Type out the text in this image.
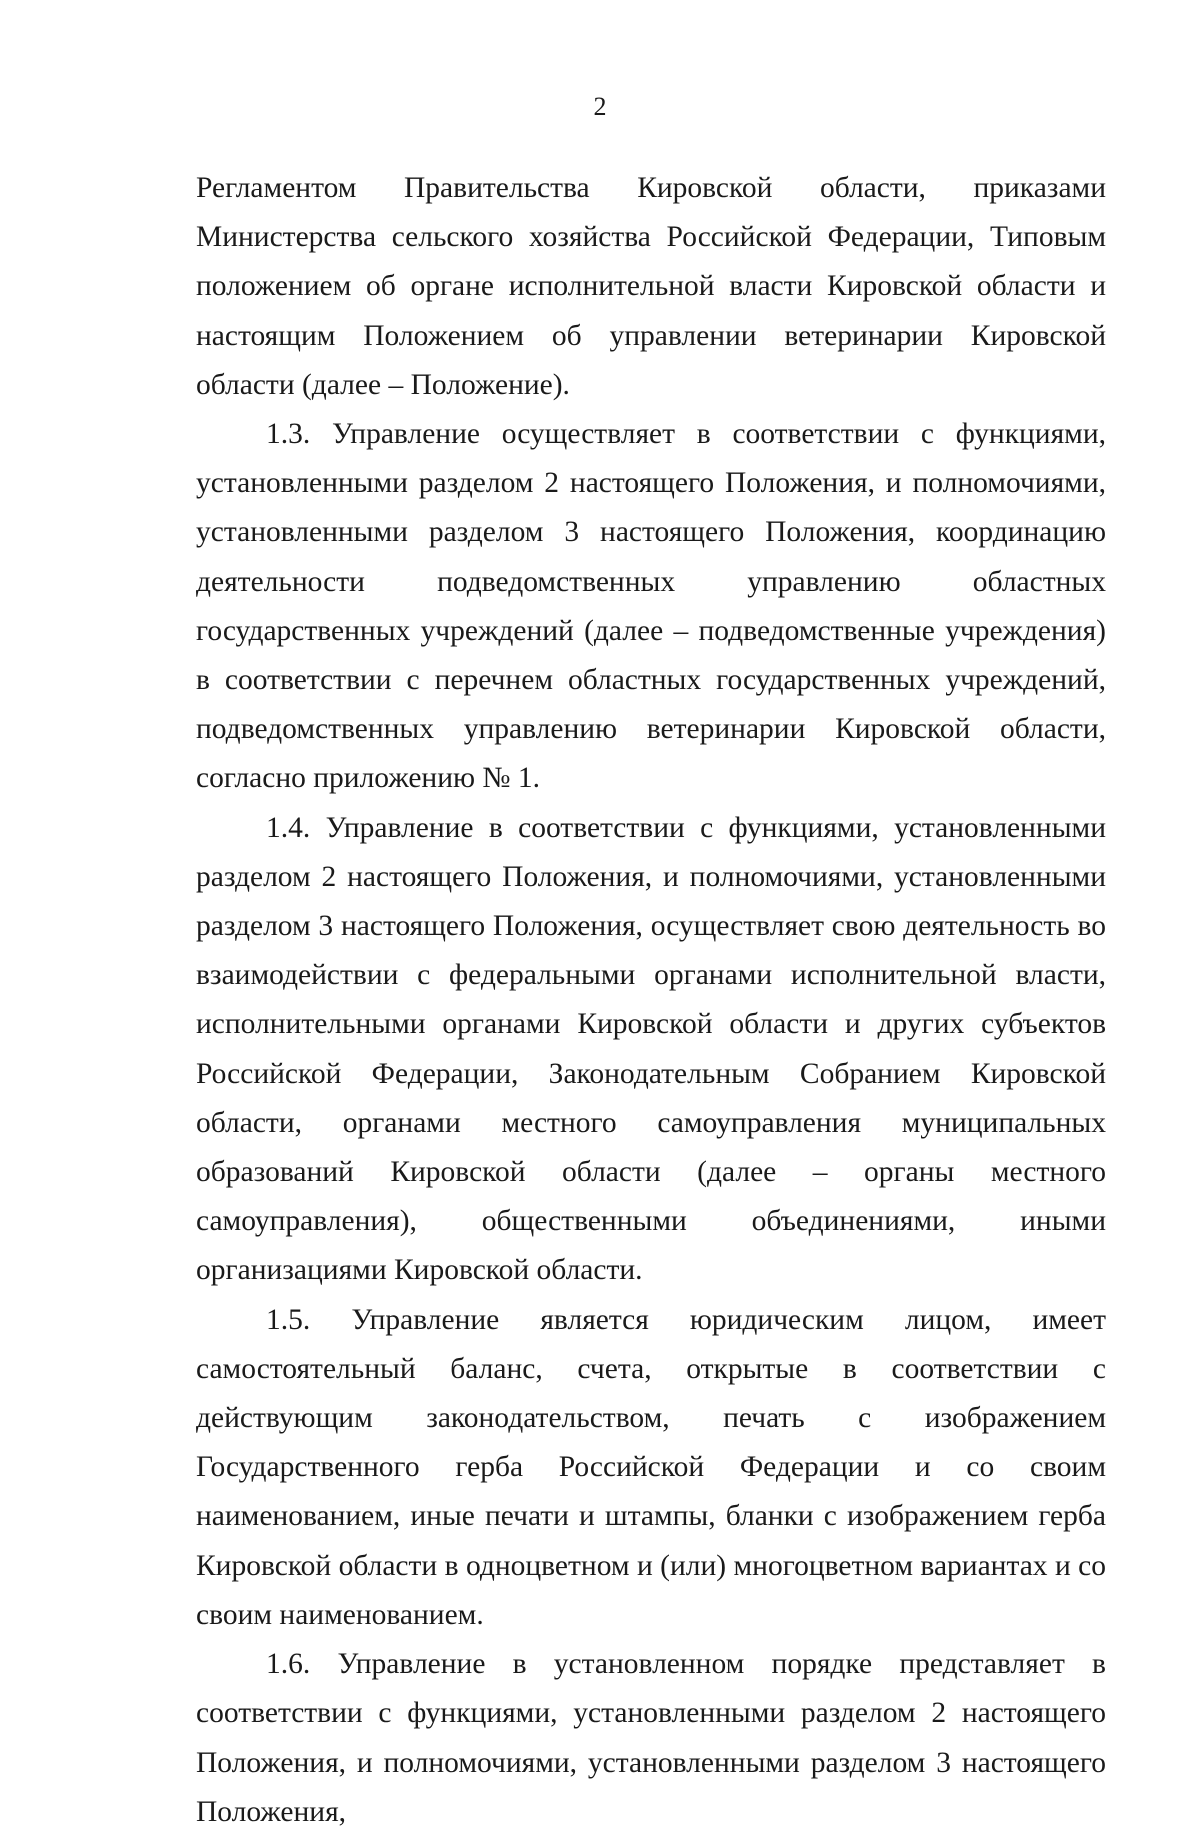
2

Регламентом Правительства Кировской области, приказами Министерства сельского хозяйства Российской Федерации, Типовым положением об органе исполнительной власти Кировской области и настоящим Положением об управлении ветеринарии Кировской области (далее – Положение).

1.3. Управление осуществляет в соответствии с функциями, установленными разделом 2 настоящего Положения, и полномочиями, установленными разделом 3 настоящего Положения, координацию деятельности подведомственных управлению областных государственных учреждений (далее – подведомственные учреждения) в соответствии с перечнем областных государственных учреждений, подведомственных управлению ветеринарии Кировской области, согласно приложению № 1.

1.4. Управление в соответствии с функциями, установленными разделом 2 настоящего Положения, и полномочиями, установленными разделом 3 настоящего Положения, осуществляет свою деятельность во взаимодействии с федеральными органами исполнительной власти, исполнительными органами Кировской области и других субъектов Российской Федерации, Законодательным Собранием Кировской области, органами местного самоуправления муниципальных образований Кировской области (далее – органы местного самоуправления), общественными объединениями, иными организациями Кировской области.

1.5. Управление является юридическим лицом, имеет самостоятельный баланс, счета, открытые в соответствии с действующим законодательством, печать с изображением Государственного герба Российской Федерации и со своим наименованием, иные печати и штампы, бланки с изображением герба Кировской области в одноцветном и (или) многоцветном вариантах и со своим наименованием.

1.6. Управление в установленном порядке представляет в соответствии с функциями, установленными разделом 2 настоящего Положения, и полномочиями, установленными разделом 3 настоящего Положения,
